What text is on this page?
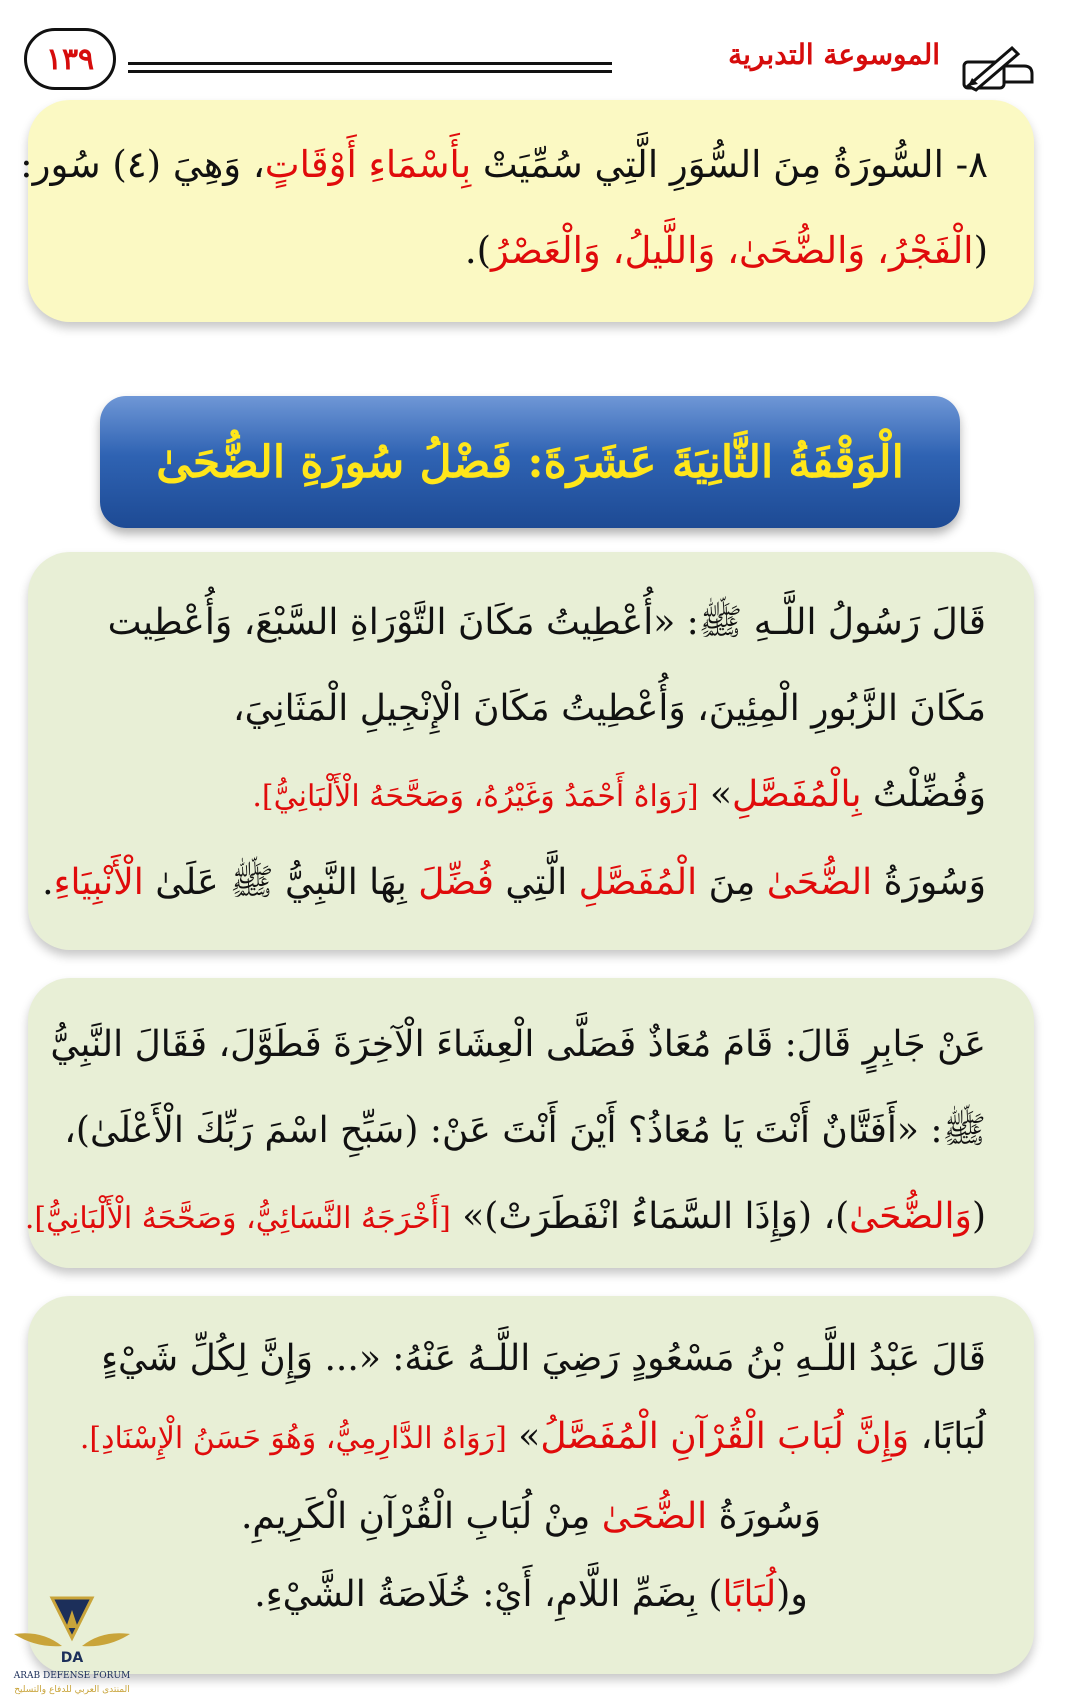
١٣٩	الموسوعة التدبرية
٨- السُّورَةُ مِنَ السُّوَرِ الَّتِي سُمِّيَتْ بِأَسْمَاءِ أَوْقَاتٍ، وَهِيَ (٤) سُور:
(الْفَجْرُ، وَالضُّحَىٰ، وَاللَّيلُ، وَالْعَصْرُ).
الْوَقْفَةُ الثَّانِيَةَ عَشَرَةَ: فَضْلُ سُورَةِ الضُّحَىٰ
قَالَ رَسُولُ اللَّـهِ ﷺ: «أُعْطِيتُ مَكَانَ التَّوْرَاةِ السَّبْعَ، وَأُعْطِيت
مَكَانَ الزَّبُورِ الْمِئِينَ، وَأُعْطِيتُ مَكَانَ الْإِنْجِيلِ الْمَثَانِيَ،
وَفُضِّلْتُ بِالْمُفَصَّلِ» [رَوَاهُ أَحْمَدُ وَغَيْرُهُ، وَصَحَّحَهُ الْأَلْبَانِيُّ].
وَسُورَةُ الضُّحَىٰ مِنَ الْمُفَصَّلِ الَّتِي فُضِّلَ بِهَا النَّبِيُّ ﷺ عَلَىٰ الْأَنْبِيَاءِ.
عَنْ جَابِرٍ قَالَ: قَامَ مُعَاذٌ فَصَلَّى الْعِشَاءَ الْآخِرَةَ فَطَوَّلَ، فَقَالَ النَّبِيُّ
ﷺ: «أَفَتَّانٌ أَنْتَ يَا مُعَاذُ؟ أَيْنَ أَنْتَ عَنْ: (سَبِّحِ اسْمَ رَبِّكَ الْأَعْلَىٰ)،
(وَالضُّحَىٰ)، (وَإِذَا السَّمَاءُ انْفَطَرَتْ)» [أَخْرَجَهُ النَّسَائِيُّ، وَصَحَّحَهُ الْأَلْبَانِيُّ].
قَالَ عَبْدُ اللَّـهِ بْنُ مَسْعُودٍ رَضِيَ اللَّـهُ عَنْهُ: «... وَإِنَّ لِكُلِّ شَيْءٍ
لُبَابًا، وَإِنَّ لُبَابَ الْقُرْآنِ الْمُفَصَّلُ» [رَوَاهُ الدَّارِمِيُّ، وَهُوَ حَسَنُ الْإِسْنَادِ].
وَسُورَةُ الضُّحَىٰ مِنْ لُبَابِ الْقُرْآنِ الْكَرِيمِ.
و(لُبَابًا) بِضَمِّ اللَّامِ، أَيْ: خُلَاصَةُ الشَّيْءِ.
DA
ARAB DEFENSE FORUM
المنتدى العربي للدفاع والتسليح
